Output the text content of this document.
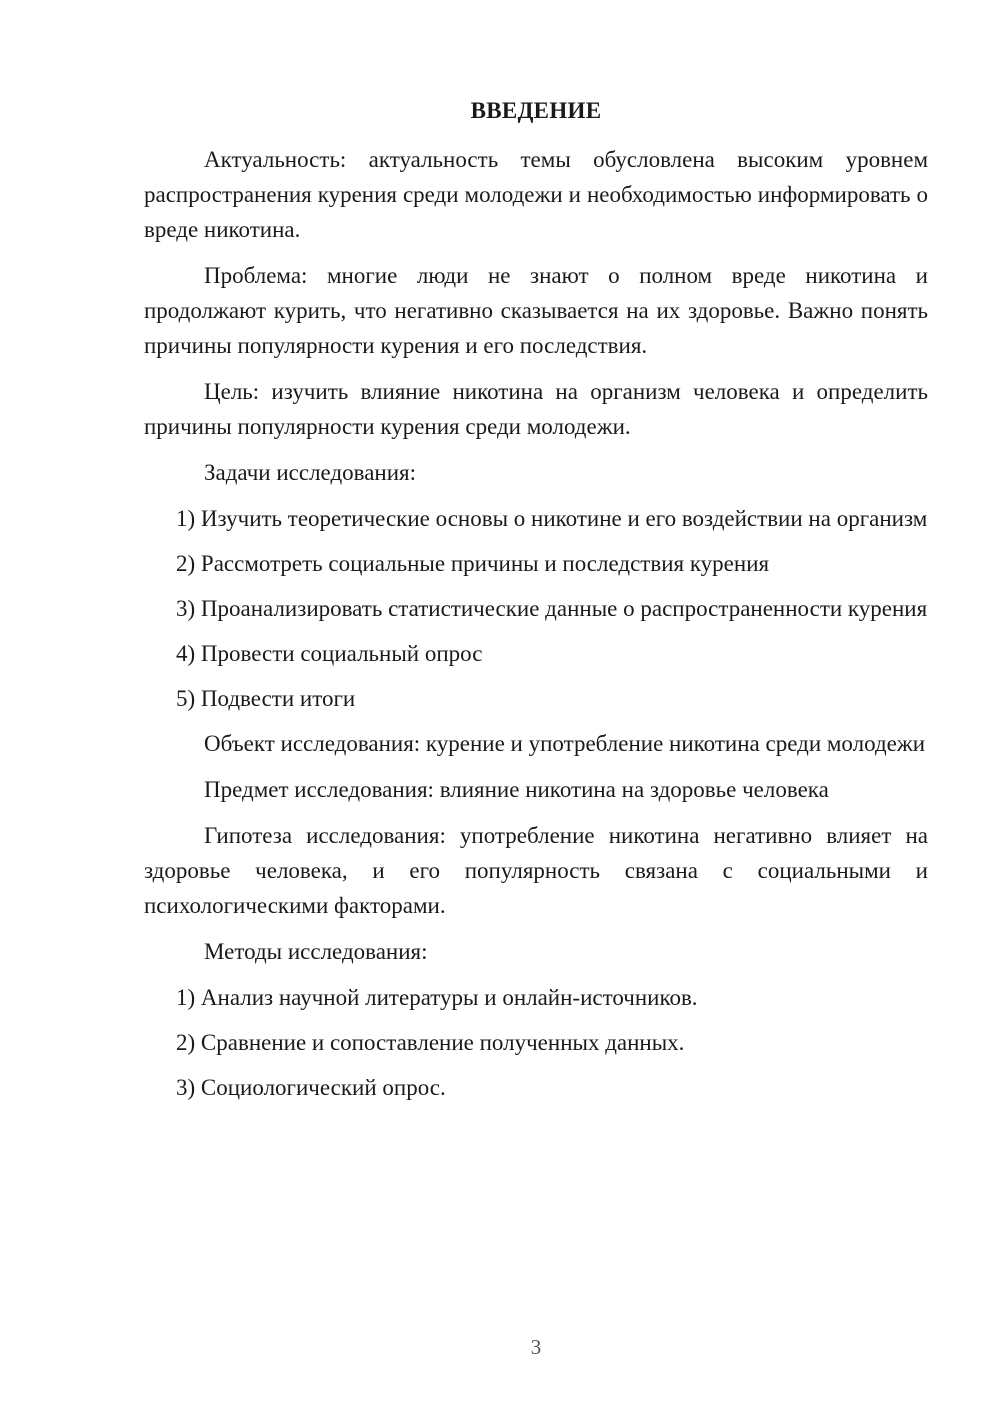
ВВЕДЕНИЕ

Актуальность: актуальность темы обусловлена высоким уровнем распространения курения среди молодежи и необходимостью информировать о вреде никотина.

Проблема: многие люди не знают о полном вреде никотина и продолжают курить, что негативно сказывается на их здоровье. Важно понять причины популярности курения и его последствия.

Цель: изучить влияние никотина на организм человека и определить причины популярности курения среди молодежи.

Задачи исследования:

1) Изучить теоретические основы о никотине и его воздействии на организм

2) Рассмотреть социальные причины и последствия курения

3) Проанализировать статистические данные о распространенности курения

4) Провести социальный опрос

5) Подвести итоги

Объект исследования: курение и употребление никотина среди молодежи

Предмет исследования: влияние никотина на здоровье человека

Гипотеза исследования: употребление никотина негативно влияет на здоровье человека, и его популярность связана с социальными и психологическими факторами.

Методы исследования:

1) Анализ научной литературы и онлайн-источников.

2) Сравнение и сопоставление полученных данных.

3) Социологический опрос.

3
